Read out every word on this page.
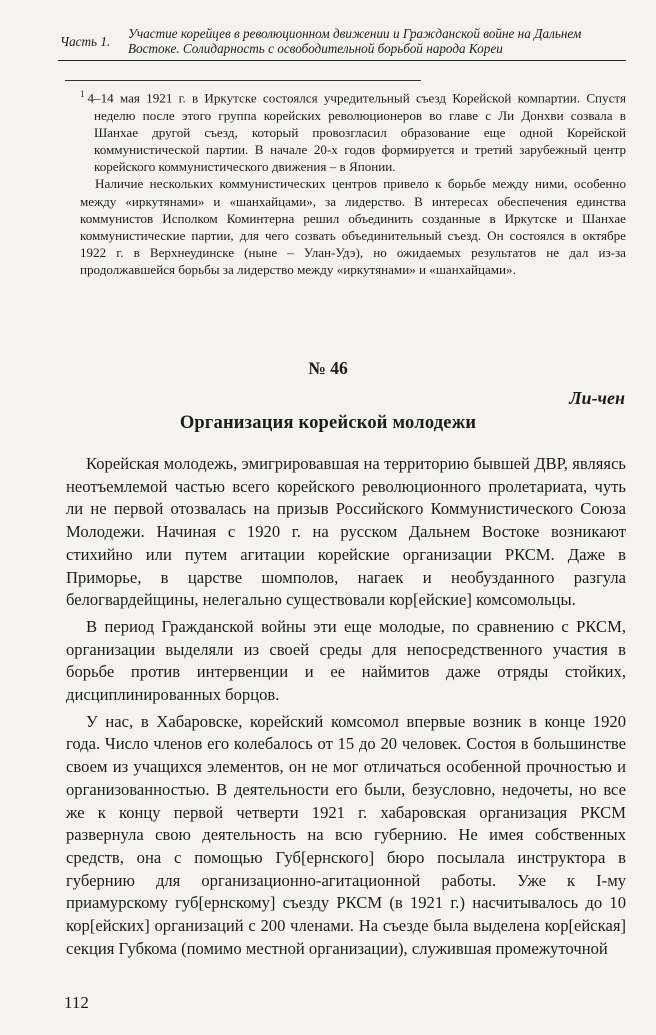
Часть 1.
Участие корейцев в революционном движении и Гражданской войне на Дальнем Востоке. Солидарность с освободительной борьбой народа Кореи

$^1$ 4–14 мая 1921 г. в Иркутске состоялся учредительный съезд Корейской компартии. Спустя неделю после этого группа корейских революционеров во главе с Ли Донхви созвала в Шанхае другой съезд, который провозгласил образование еще одной Корейской коммунистической партии. В начале 20-х годов формируется и третий зарубежный центр корейского коммунистического движения – в Японии.

Наличие нескольких коммунистических центров привело к борьбе между ними, особенно между «иркутянами» и «шанхайцами», за лидерство. В интересах обеспечения единства коммунистов Исполком Коминтерна решил объединить созданные в Иркутске и Шанхае коммунистические партии, для чего созвать объединительный съезд. Он состоялся в октябре 1922 г. в Верхнеудинске (ныне – Улан-Удэ), но ожидаемых результатов не дал из-за продолжавшейся борьбы за лидерство между «иркутянами» и «шанхайцами».

№ 46
Ли-чен
Организация корейской молодежи

Корейская молодежь, эмигрировавшая на территорию бывшей ДВР, являясь неотъемлемой частью всего корейского революционного пролетариата, чуть ли не первой отозвалась на призыв Российского Коммунистического Союза Молодежи. Начиная с 1920 г. на русском Дальнем Востоке возникают стихийно или путем агитации корейские организации РКСМ. Даже в Приморье, в царстве шомполов, нагаек и необузданного разгула белогвардейщины, нелегально существовали кор[ейские] комсомольцы.

В период Гражданской войны эти еще молодые, по сравнению с РКСМ, организации выделяли из своей среды для непосредственного участия в борьбе против интервенции и ее наймитов даже отряды стойких, дисциплинированных борцов.

У нас, в Хабаровске, корейский комсомол впервые возник в конце 1920 года. Число членов его колебалось от 15 до 20 человек. Состоя в большинстве своем из учащихся элементов, он не мог отличаться особенной прочностью и организованностью. В деятельности его были, безусловно, недочеты, но все же к концу первой четверти 1921 г. хабаровская организация РКСМ развернула свою деятельность на всю губернию. Не имея собственных средств, она с помощью Губ[ернского] бюро посылала инструктора в губернию для организационно-агитационной работы. Уже к I-му приамурскому губ[ернскому] съезду РКСМ (в 1921 г.) насчитывалось до 10 кор[ейских] организаций с 200 членами. На съезде была выделена кор[ейская] секция Губкома (помимо местной организации), служившая промежуточной

112
